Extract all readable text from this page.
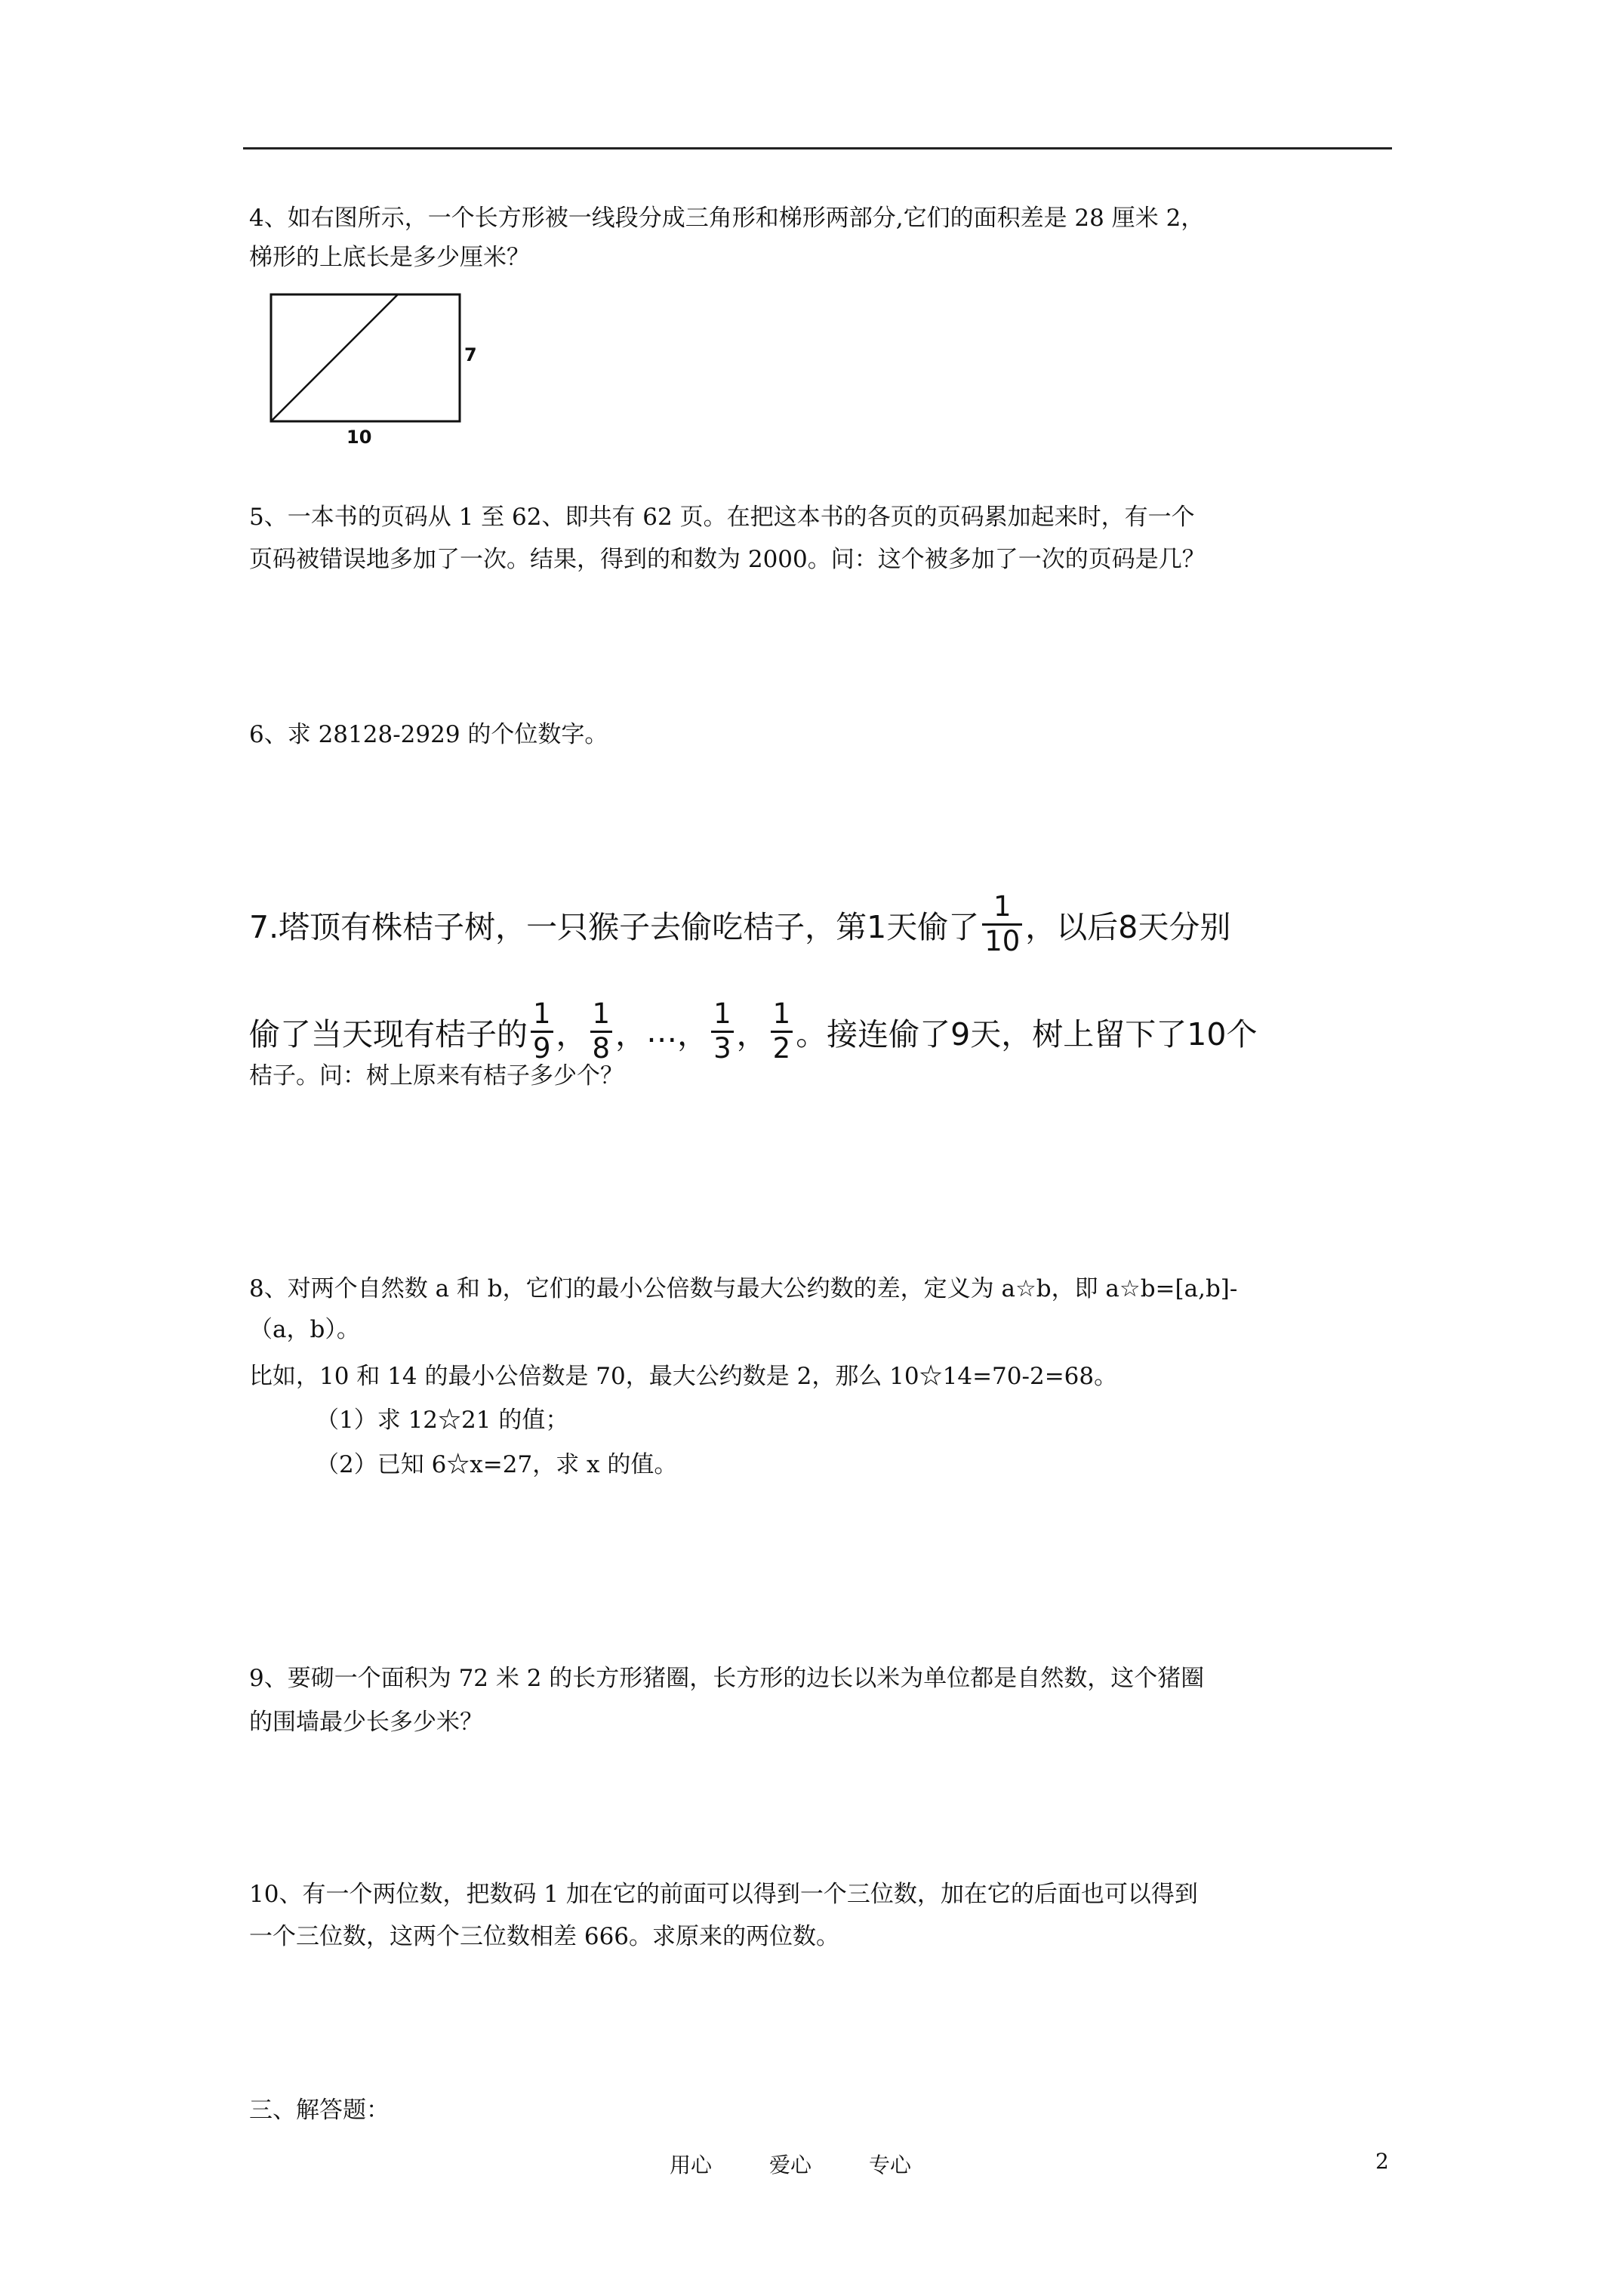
4、如右图所示，一个长方形被一线段分成三角形和梯形两部分,它们的面积差是 28 厘米 2，
梯形的上底长是多少厘米？
7
10
5、一本书的页码从 1 至 62、即共有 62 页。在把这本书的各页的页码累加起来时，有一个
页码被错误地多加了一次。结果，得到的和数为 2000。问：这个被多加了一次的页码是几？
6、求 28128-2929 的个位数字。
7.塔顶有株桔子树，一只猴子去偷吃桔子，第1天偷了 $\frac{1}{10}$ ，以后8天分别
偷了当天现有桔子的 $\frac{1}{9}$ ， $\frac{1}{8}$ ， … ， $\frac{1}{3}$ ， $\frac{1}{2}$ 。接连偷了9天，树上留下了10个
桔子。问：树上原来有桔子多少个？
8、对两个自然数 a 和 b，它们的最小公倍数与最大公约数的差，定义为 a☆b，即 a☆b=[a,b]-
（a，b）。
比如，10 和 14 的最小公倍数是 70，最大公约数是 2，那么 10☆14=70-2=68。
（1）求 12☆21 的值；
（2）已知 6☆x=27，求 x 的值。
9、要砌一个面积为 72 米 2 的长方形猪圈，长方形的边长以米为单位都是自然数，这个猪圈
的围墙最少长多少米？
10、有一个两位数，把数码 1 加在它的前面可以得到一个三位数，加在它的后面也可以得到
一个三位数，这两个三位数相差 666。求原来的两位数。
三、解答题：
用心	爱心	专心	2
